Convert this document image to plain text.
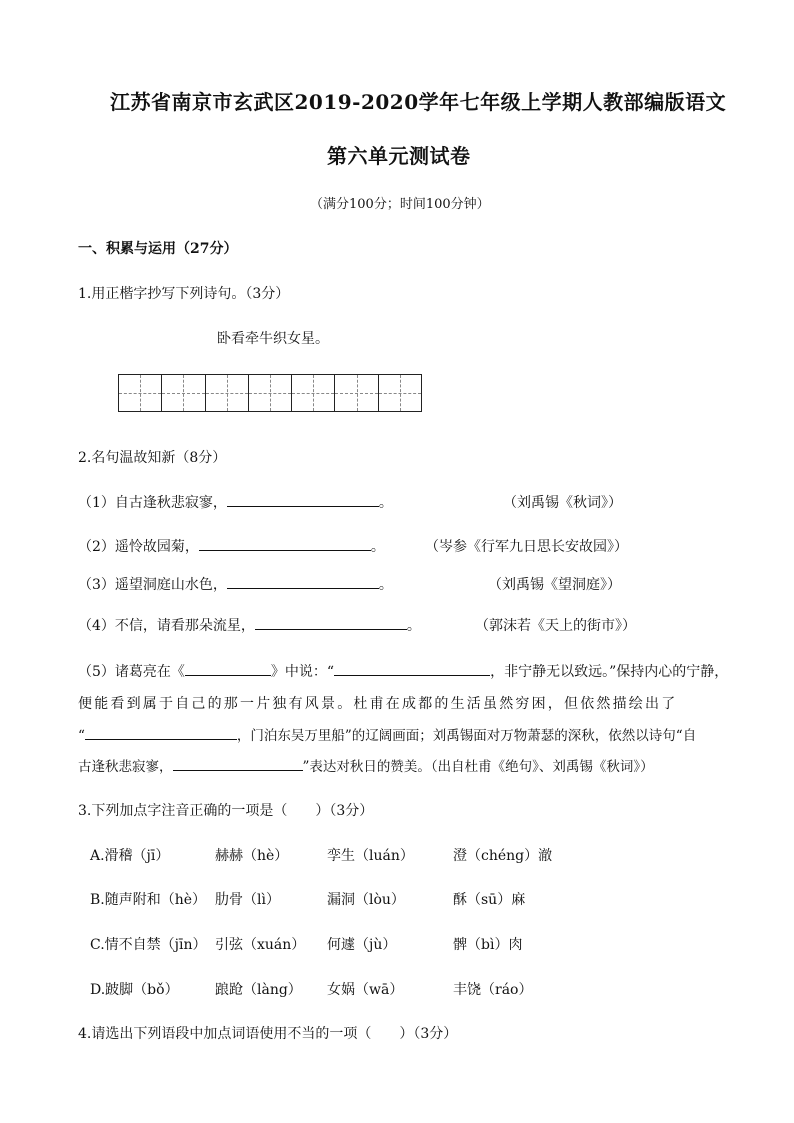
江苏省南京市玄武区2019-2020学年七年级上学期人教部编版语文
第六单元测试卷
（满分100分；时间100分钟）
一、积累与运用（27分）
1.用正楷字抄写下列诗句。（3分）
卧看牵牛织女星。
2.名句温故知新（8分）
（1）自古逢秋悲寂寥，	。	（刘禹锡《秋词》）
（2）遥怜故园菊，	。	（岑参《行军九日思长安故园》）
（3）遥望洞庭山水色，	。	（刘禹锡《望洞庭》）
（4）不信，请看那朵流星，	。	（郭沫若《天上的街市》）
（5）诸葛亮在《	》中说：“	，非宁静无以致远。”保持内心的宁静，
便能看到属于自己的那一片独有风景。杜甫在成都的生活虽然穷困，但依然描绘出了
“	，门泊东吴万里船”的辽阔画面；刘禹锡面对万物萧瑟的深秋，依然以诗句“自
古逢秋悲寂寥，	”表达对秋日的赞美。（出自杜甫《绝句》、刘禹锡《秋词》）
3.下列加点字注音正确的一项是（　　）（3分）
A.滑稽（jī）	赫赫（hè）	孪生（luán）	澄（chéng）澈
B.随声附和（hè） 肋骨（lì）	漏洞（lòu）	酥（sū）麻
C.情不自禁（jīn） 引弦（xuán） 何遽（jù）	髀（bì）肉
D.跛脚（bǒ）	踉跄（làng） 女娲（wā）	丰饶（ráo）
4.请选出下列语段中加点词语使用不当的一项（　　）（3分）
